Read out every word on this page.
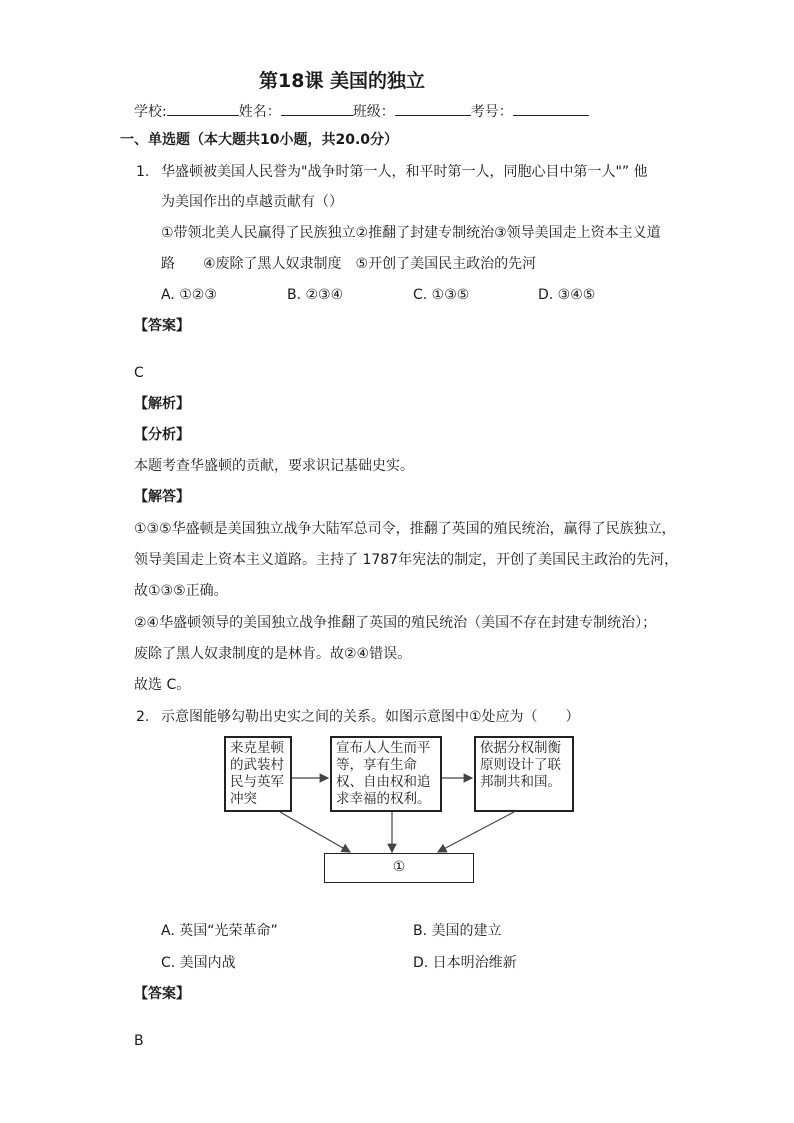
第18课 美国的独立
学校:	姓名：	班级：	考号：
一、单选题（本大题共10小题，共20.0分）
1. 华盛顿被美国人民誉为"战争时第一人，和平时第一人，同胞心目中第一人"” 他
为美国作出的卓越贡献有（）
①带领北美人民赢得了民族独立②推翻了封建专制统治③领导美国走上资本主义道
路　　④废除了黑人奴隶制度　⑤开创了美国民主政治的先河
A. ①②③	B. ②③④	C. ①③⑤	D. ③④⑤
【答案】
C
【解析】
【分析】
本题考查华盛顿的贡献，要求识记基础史实。
【解答】
①③⑤华盛顿是美国独立战争大陆军总司令，推翻了英国的殖民统治，赢得了民族独立，
领导美国走上资本主义道路。主持了 1787年宪法的制定，开创了美国民主政治的先河，
故①③⑤正确。
②④华盛顿领导的美国独立战争推翻了英国的殖民统治（美国不存在封建专制统治）；
废除了黑人奴隶制度的是林肯。故②④错误。
故选 C。
2. 示意图能够勾勒出史实之间的关系。如图示意图中①处应为（　　）
来克星顿的武装村民与英军冲突
宣布人人生而平等，享有生命权、自由权和追求幸福的权利。
依据分权制衡原则设计了联邦制共和国。
①
A. 英国“光荣革命”	B. 美国的建立
C. 美国内战	D. 日本明治维新
【答案】
B
